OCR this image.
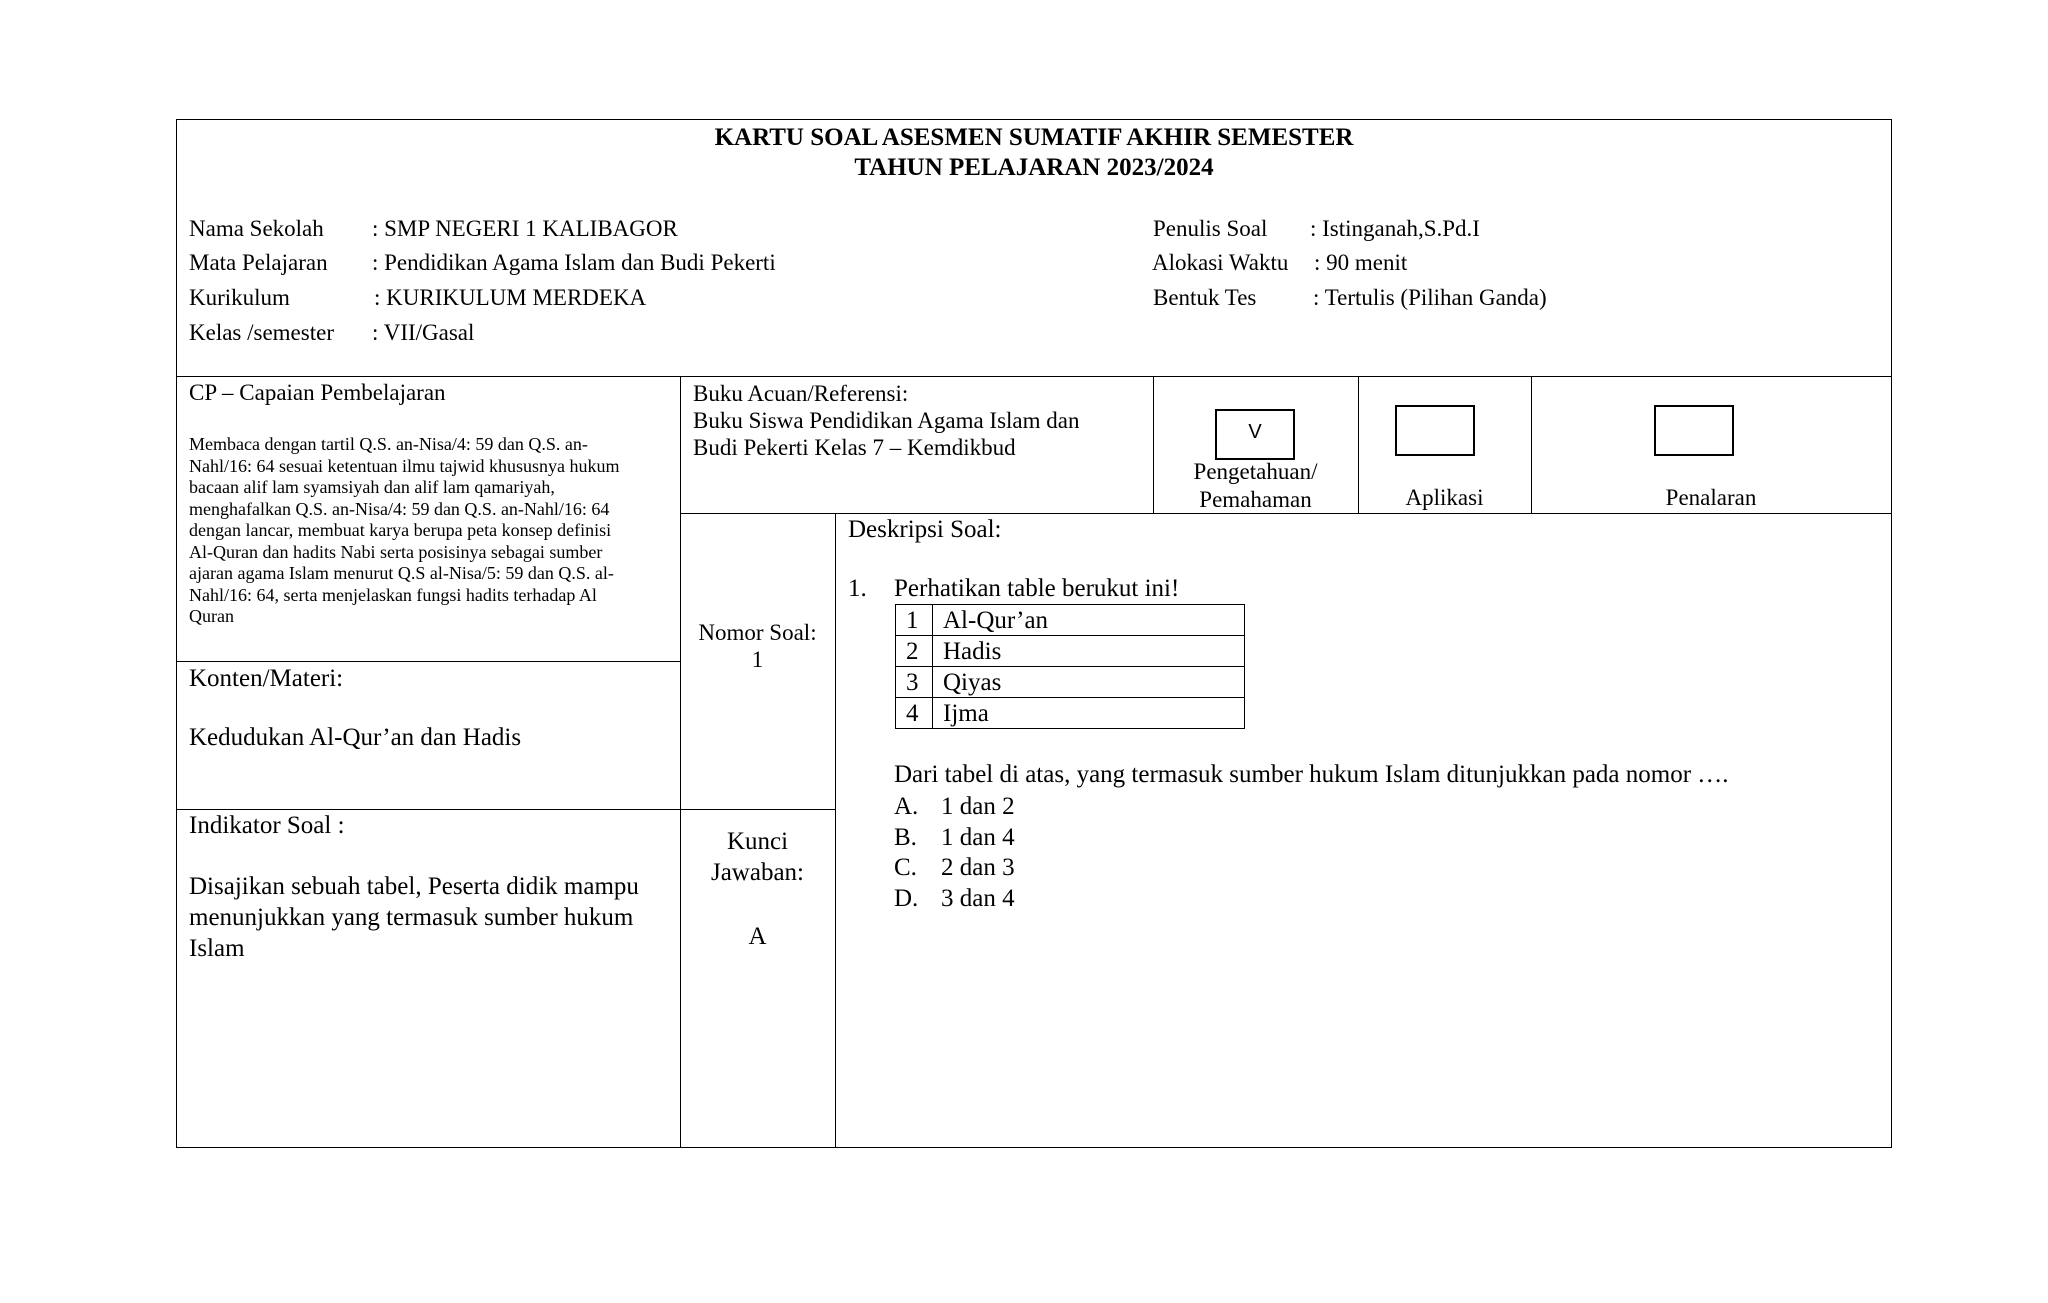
KARTU SOAL ASESMEN SUMATIF AKHIR SEMESTER
TAHUN PELAJARAN 2023/2024
Nama Sekolah : SMP NEGERI 1 KALIBAGOR
Mata Pelajaran : Pendidikan Agama Islam dan Budi Pekerti
Kurikulum	: KURIKULUM MERDEKA
Kelas /semester : VII/Gasal
Penulis Soal : Istinganah,S.Pd.I
Alokasi Waktu : 90 menit
Bentuk Tes : Tertulis (Pilihan Ganda)
CP – Capaian Pembelajaran
Membaca dengan tartil Q.S. an-Nisa/4: 59 dan Q.S. an-
Nahl/16: 64 sesuai ketentuan ilmu tajwid khususnya hukum
bacaan alif lam syamsiyah dan alif lam qamariyah,
menghafalkan Q.S. an-Nisa/4: 59 dan Q.S. an-Nahl/16: 64
dengan lancar, membuat karya berupa peta konsep definisi
Al-Quran dan hadits Nabi serta posisinya sebagai sumber
ajaran agama Islam menurut Q.S al-Nisa/5: 59 dan Q.S. al-
Nahl/16: 64, serta menjelaskan fungsi hadits terhadap Al
Quran
Konten/Materi:
Kedudukan Al-Qur’an dan Hadis
Indikator Soal :
Disajikan sebuah tabel, Peserta didik mampu
menunjukkan yang termasuk sumber hukum
Islam
Buku Acuan/Referensi:
Buku Siswa Pendidikan Agama Islam dan
Budi Pekerti Kelas 7 – Kemdikbud
V
Pengetahuan/
Pemahaman	Aplikasi	Penalaran
Nomor Soal:
1
Kunci
Jawaban:
A
Deskripsi Soal:
1. Perhatikan table berukut ini!
1	Al-Qur’an
2	Hadis
3	Qiyas
4	Ijma
Dari tabel di atas, yang termasuk sumber hukum Islam ditunjukkan pada nomor ….
A. 1 dan 2
B. 1 dan 4
C. 2 dan 3
D. 3 dan 4
